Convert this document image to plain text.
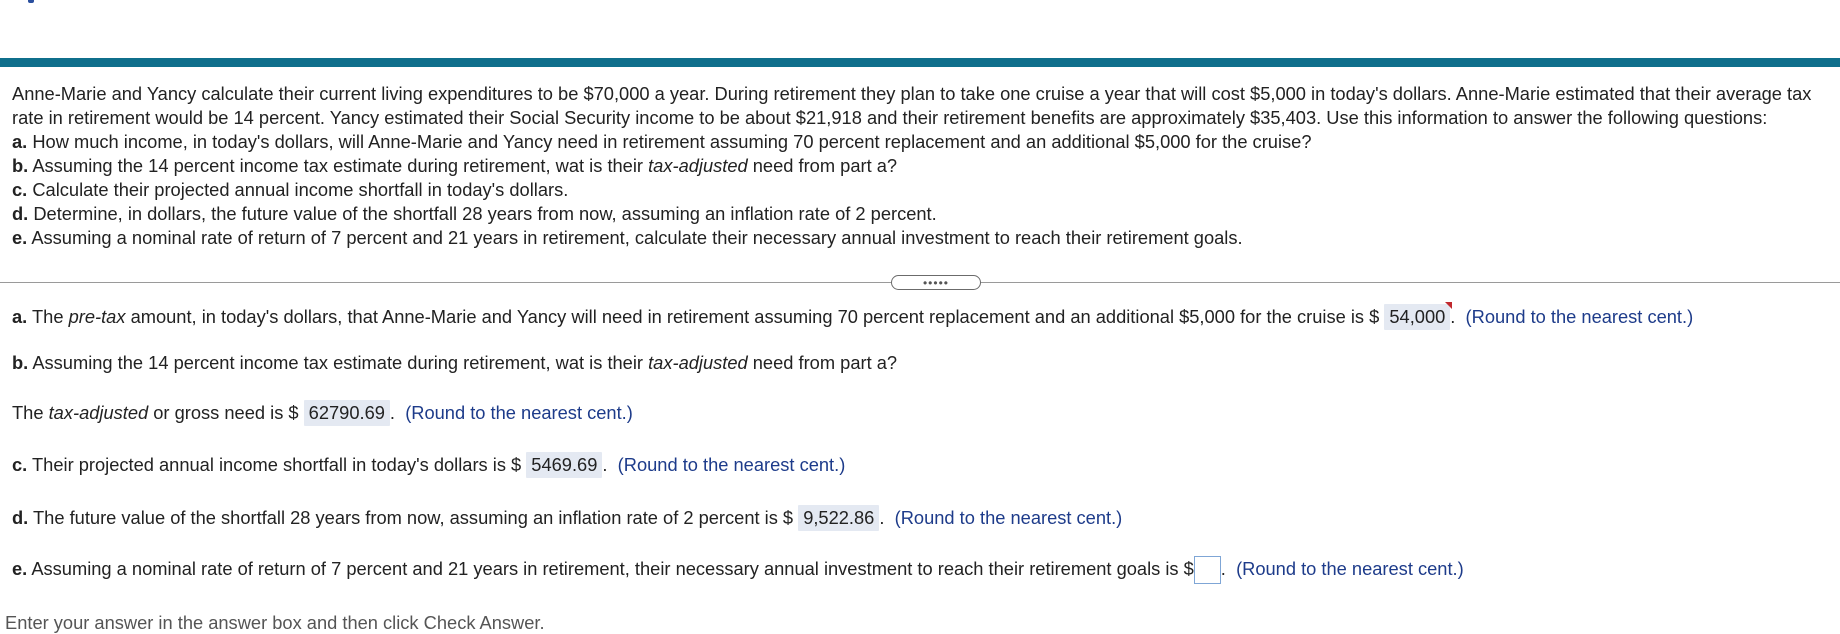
Anne-Marie and Yancy calculate their current living expenditures to be $70,000 a year. During retirement they plan to take one cruise a year that will cost $5,000 in today's dollars. Anne-Marie estimated that their average tax rate in retirement would be 14 percent. Yancy estimated their Social Security income to be about $21,918 and their retirement benefits are approximately $35,403. Use this information to answer the following questions:

a. How much income, in today's dollars, will Anne-Marie and Yancy need in retirement assuming 70 percent replacement and an additional $5,000 for the cruise?

b. Assuming the 14 percent income tax estimate during retirement, wat is their tax-adjusted need from part a?

c. Calculate their projected annual income shortfall in today's dollars.

d. Determine, in dollars, the future value of the shortfall 28 years from now, assuming an inflation rate of 2 percent.

e. Assuming a nominal rate of return of 7 percent and 21 years in retirement, calculate their necessary annual investment to reach their retirement goals.

•••••
a. The pre-tax amount, in today's dollars, that Anne-Marie and Yancy will need in retirement assuming 70 percent replacement and an additional $5,000 for the cruise is $ 54,000 . (Round to the nearest cent.)
b. Assuming the 14 percent income tax estimate during retirement, wat is their tax-adjusted need from part a?
The tax-adjusted or gross need is $ 62790.69 . (Round to the nearest cent.)
c. Their projected annual income shortfall in today's dollars is $ 5469.69 . (Round to the nearest cent.)
d. The future value of the shortfall 28 years from now, assuming an inflation rate of 2 percent is $ 9,522.86 . (Round to the nearest cent.)
e. Assuming a nominal rate of return of 7 percent and 21 years in retirement, their necessary annual investment to reach their retirement goals is $ . (Round to the nearest cent.)
Enter your answer in the answer box and then click Check Answer.
